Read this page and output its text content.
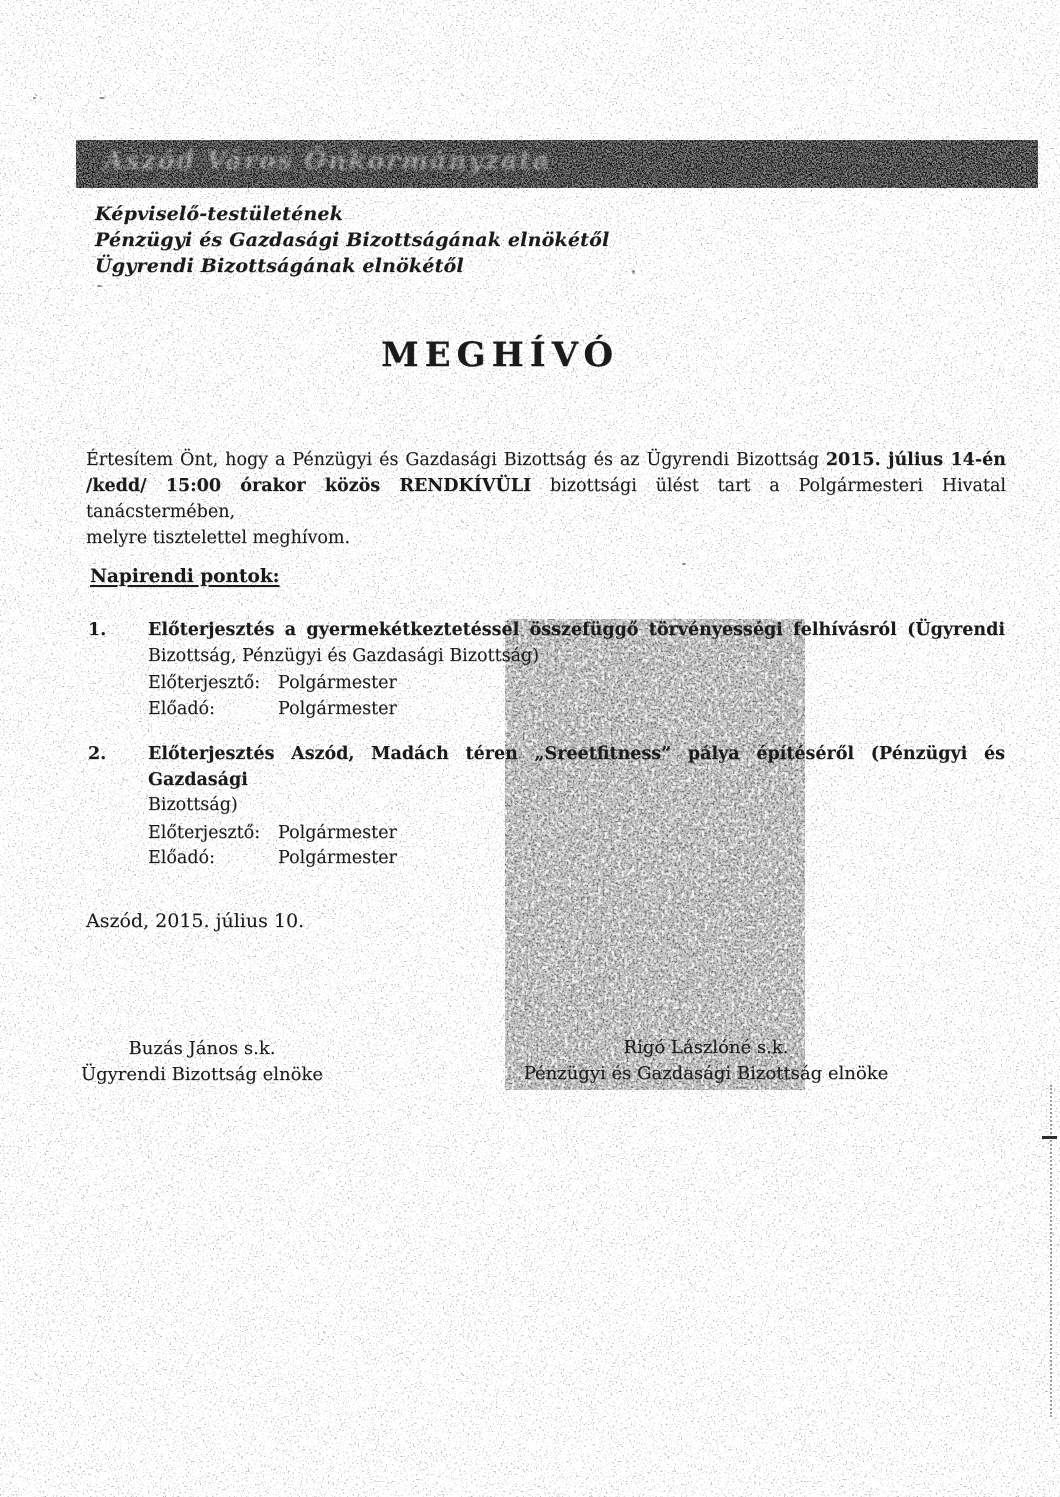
Képviselő-testületének
Pénzügyi és Gazdasági Bizottságának elnökétől
Ügyrendi Bizottságának elnökétől
MEGHÍVÓ
Értesítem Önt, hogy a Pénzügyi és Gazdasági Bizottság és az Ügyrendi Bizottság 2015. július 14-én
/kedd/ 15:00 órakor közös RENDKÍVÜLI bizottsági ülést tart a Polgármesteri Hivatal tanácstermében,
melyre tisztelettel meghívom.
Napirendi pontok:
1. Előterjesztés a gyermekétkeztetéssel összefüggő törvényességi felhívásról (Ügyrendi
Bizottság, Pénzügyi és Gazdasági Bizottság)
Előterjesztő: Polgármester
Előadó:	Polgármester
2. Előterjesztés Aszód, Madách téren „Sreetfitness” pálya építéséről (Pénzügyi és Gazdasági
Bizottság)
Előterjesztő: Polgármester
Előadó:	Polgármester
Aszód, 2015. július 10.
Buzás János s.k.
Ügyrendi Bizottság elnöke
Rigó Lászlóné s.k.
Pénzügyi és Gazdasági Bizottság elnöke
